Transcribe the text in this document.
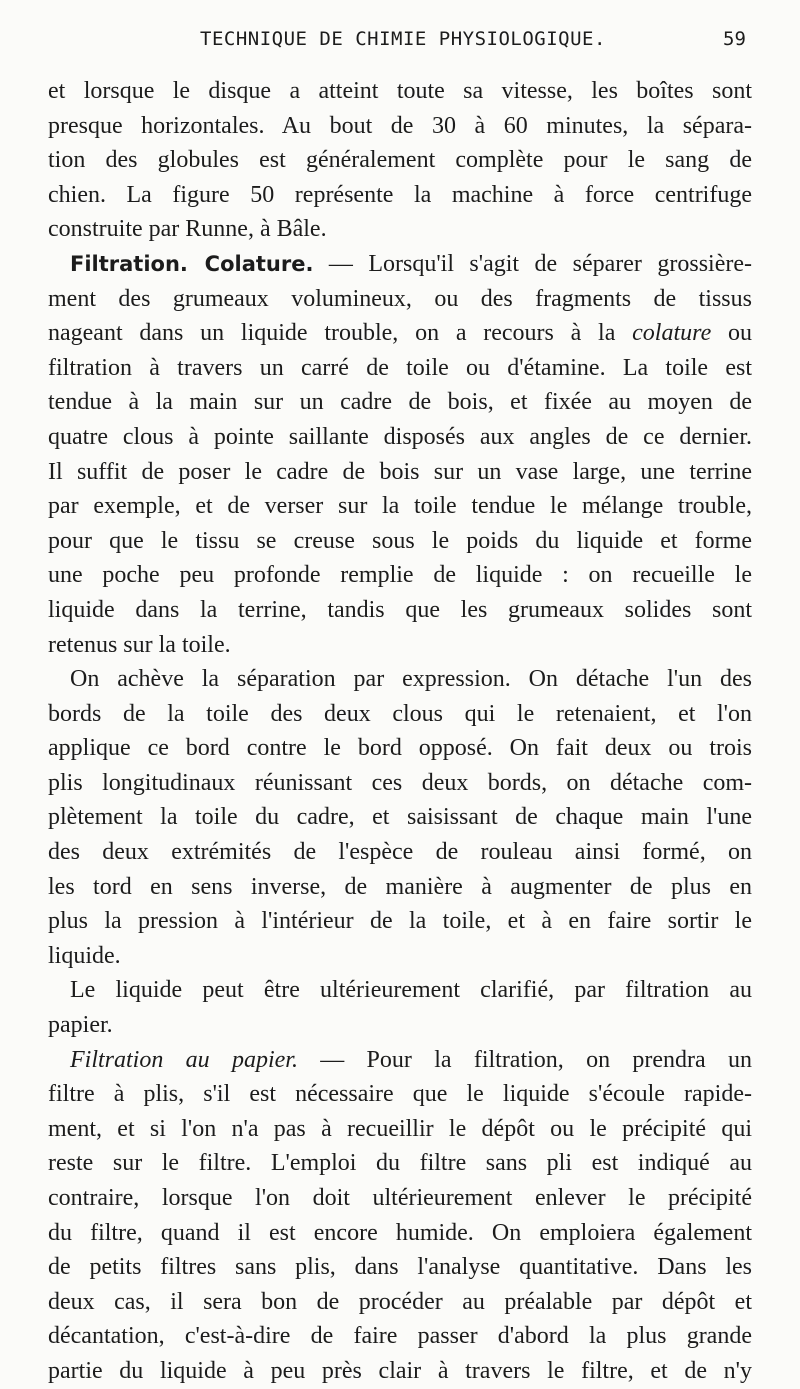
TECHNIQUE DE CHIMIE PHYSIOLOGIQUE.	59
et lorsque le disque a atteint toute sa vitesse, les boîtes sont
presque horizontales. Au bout de 30 à 60 minutes, la sépara-
tion des globules est généralement complète pour le sang de
chien. La figure 50 représente la machine à force centrifuge
construite par Runne, à Bâle.
Filtration. Colature. — Lorsqu'il s'agit de séparer grossière-
ment des grumeaux volumineux, ou des fragments de tissus
nageant dans un liquide trouble, on a recours à la colature ou
filtration à travers un carré de toile ou d'étamine. La toile est
tendue à la main sur un cadre de bois, et fixée au moyen de
quatre clous à pointe saillante disposés aux angles de ce dernier.
Il suffit de poser le cadre de bois sur un vase large, une terrine
par exemple, et de verser sur la toile tendue le mélange trouble,
pour que le tissu se creuse sous le poids du liquide et forme
une poche peu profonde remplie de liquide : on recueille le
liquide dans la terrine, tandis que les grumeaux solides sont
retenus sur la toile.
On achève la séparation par expression. On détache l'un des
bords de la toile des deux clous qui le retenaient, et l'on
applique ce bord contre le bord opposé. On fait deux ou trois
plis longitudinaux réunissant ces deux bords, on détache com-
plètement la toile du cadre, et saisissant de chaque main l'une
des deux extrémités de l'espèce de rouleau ainsi formé, on
les tord en sens inverse, de manière à augmenter de plus en
plus la pression à l'intérieur de la toile, et à en faire sortir le
liquide.
Le liquide peut être ultérieurement clarifié, par filtration au
papier.
Filtration au papier. — Pour la filtration, on prendra un
filtre à plis, s'il est nécessaire que le liquide s'écoule rapide-
ment, et si l'on n'a pas à recueillir le dépôt ou le précipité qui
reste sur le filtre. L'emploi du filtre sans pli est indiqué au
contraire, lorsque l'on doit ultérieurement enlever le précipité
du filtre, quand il est encore humide. On emploiera également
de petits filtres sans plis, dans l'analyse quantitative. Dans les
deux cas, il sera bon de procéder au préalable par dépôt et
décantation, c'est-à-dire de faire passer d'abord la plus grande
partie du liquide à peu près clair à travers le filtre, et de n'y
